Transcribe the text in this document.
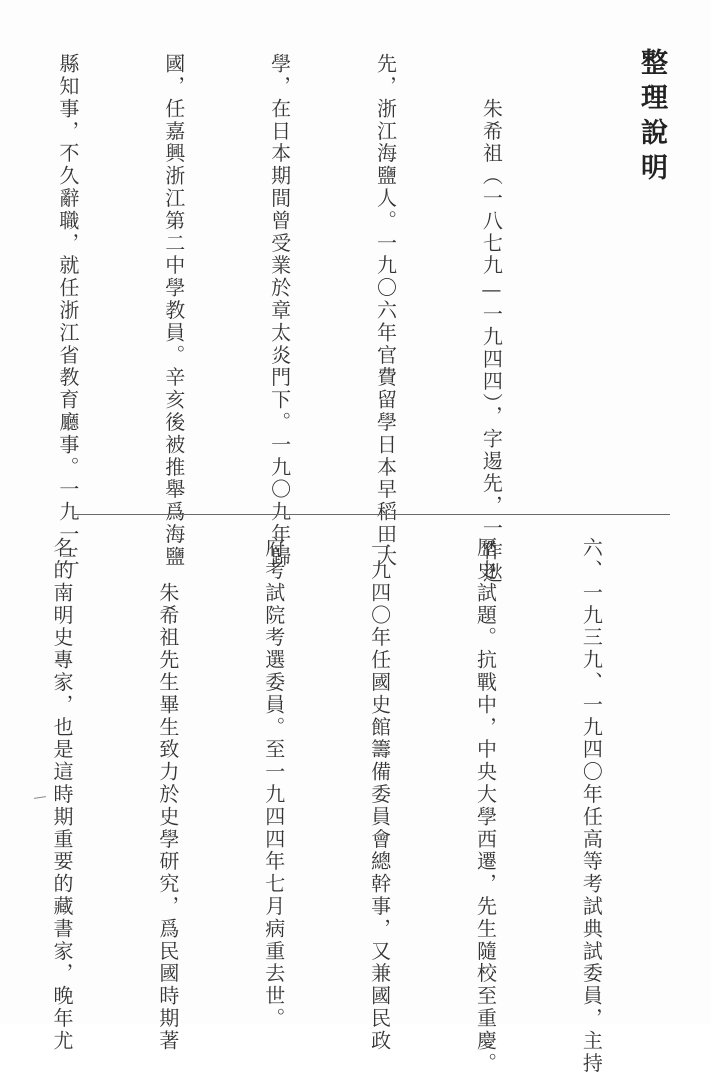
整理說明

　　朱希祖（一八七九—一九四四），字逷先，一作逖

先，浙江海鹽人。一九〇六年官費留學日本早稻田大

學，在日本期間曾受業於章太炎門下。一九〇九年歸

國，任嘉興浙江第二中學教員。辛亥後被推舉爲海鹽

縣知事，不久辭職，就任浙江省教育廳事。一九一三

六、一九三九、一九四〇年任高等考試典試委員，主持

歷史試題。抗戰中，中央大學西遷，先生隨校至重慶。

一九四〇年任國史館籌備委員會總幹事，又兼國民政

府考試院考選委員。至一九四四年七月病重去世。

　　朱希祖先生畢生致力於史學研究，爲民國時期著

名的南明史專家，也是這時期重要的藏書家，晚年尤
